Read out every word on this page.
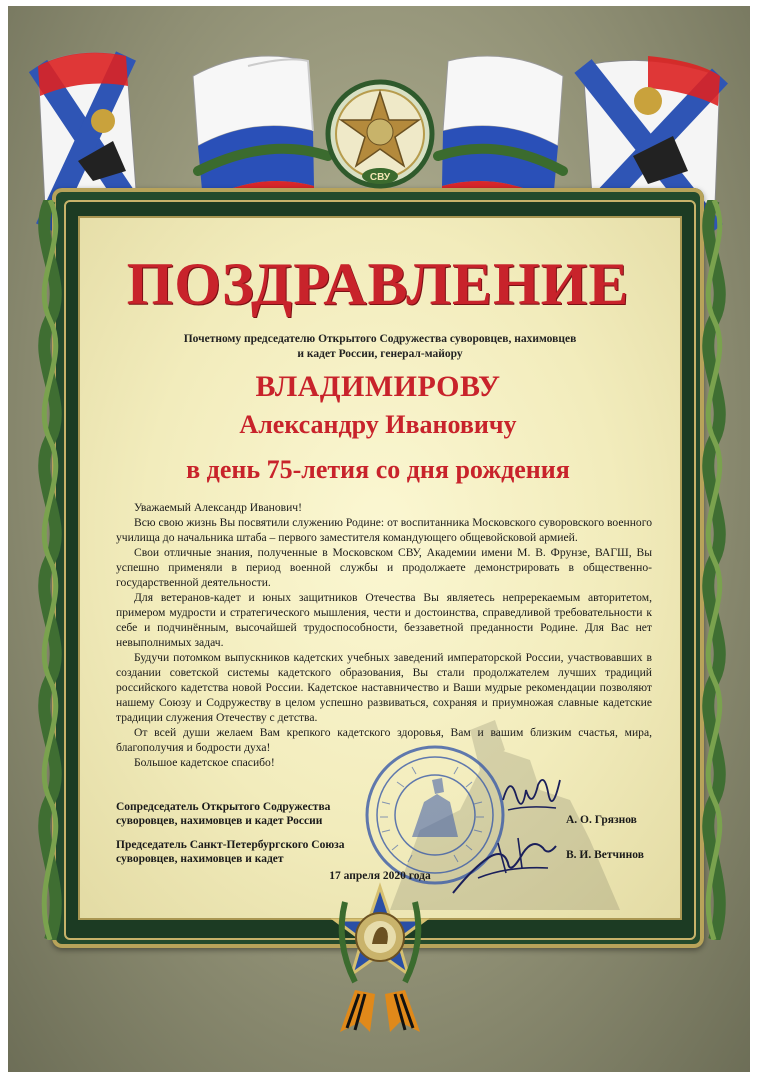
СВУ
ПОЗДРАВЛЕНИЕ
Почетному председателю Открытого Содружества суворовцев, нахимовцев
и кадет России, генерал-майору
ВЛАДИМИРОВУ
Александру Ивановичу
в день 75-летия со дня рождения

Уважаемый Александр Иванович!

Всю свою жизнь Вы посвятили служению Родине: от воспитанника Московского суворовского военного училища до начальника штаба – первого заместителя командующего общевойсковой армией.

Свои отличные знания, полученные в Московском СВУ, Академии имени М. В. Фрунзе, ВАГШ, Вы успешно применяли в период военной службы и продолжаете демонстрировать в общественно-государственной деятельности.

Для ветеранов-кадет и юных защитников Отечества Вы являетесь непререкаемым авторитетом, примером мудрости и стратегического мышления, чести и достоинства, справедливой требовательности к себе и подчинённым, высочайшей трудоспособности, беззаветной преданности Родине. Для Вас нет невыполнимых задач.

Будучи потомком выпускников кадетских учебных заведений императорской России, участвовавших в создании советской системы кадетского образования, Вы стали продолжателем лучших традиций российского кадетства новой России. Кадетское наставничество и Ваши мудрые рекомендации позволяют нашему Союзу и Содружеству в целом успешно развиваться, сохраняя и приумножая славные кадетские традиции служения Отечеству с детства.

От всей души желаем Вам крепкого кадетского здоровья, Вам и вашим близким счастья, мира, благополучия и бодрости духа!

Большое кадетское спасибо!

Сопредседатель Открытого Содружества
суворовцев, нахимовцев и кадет России	А. О. Грязнов
Председатель Санкт-Петербургского Союза
суворовцев, нахимовцев и кадет	В. И. Ветчинов
17 апреля 2020 года
